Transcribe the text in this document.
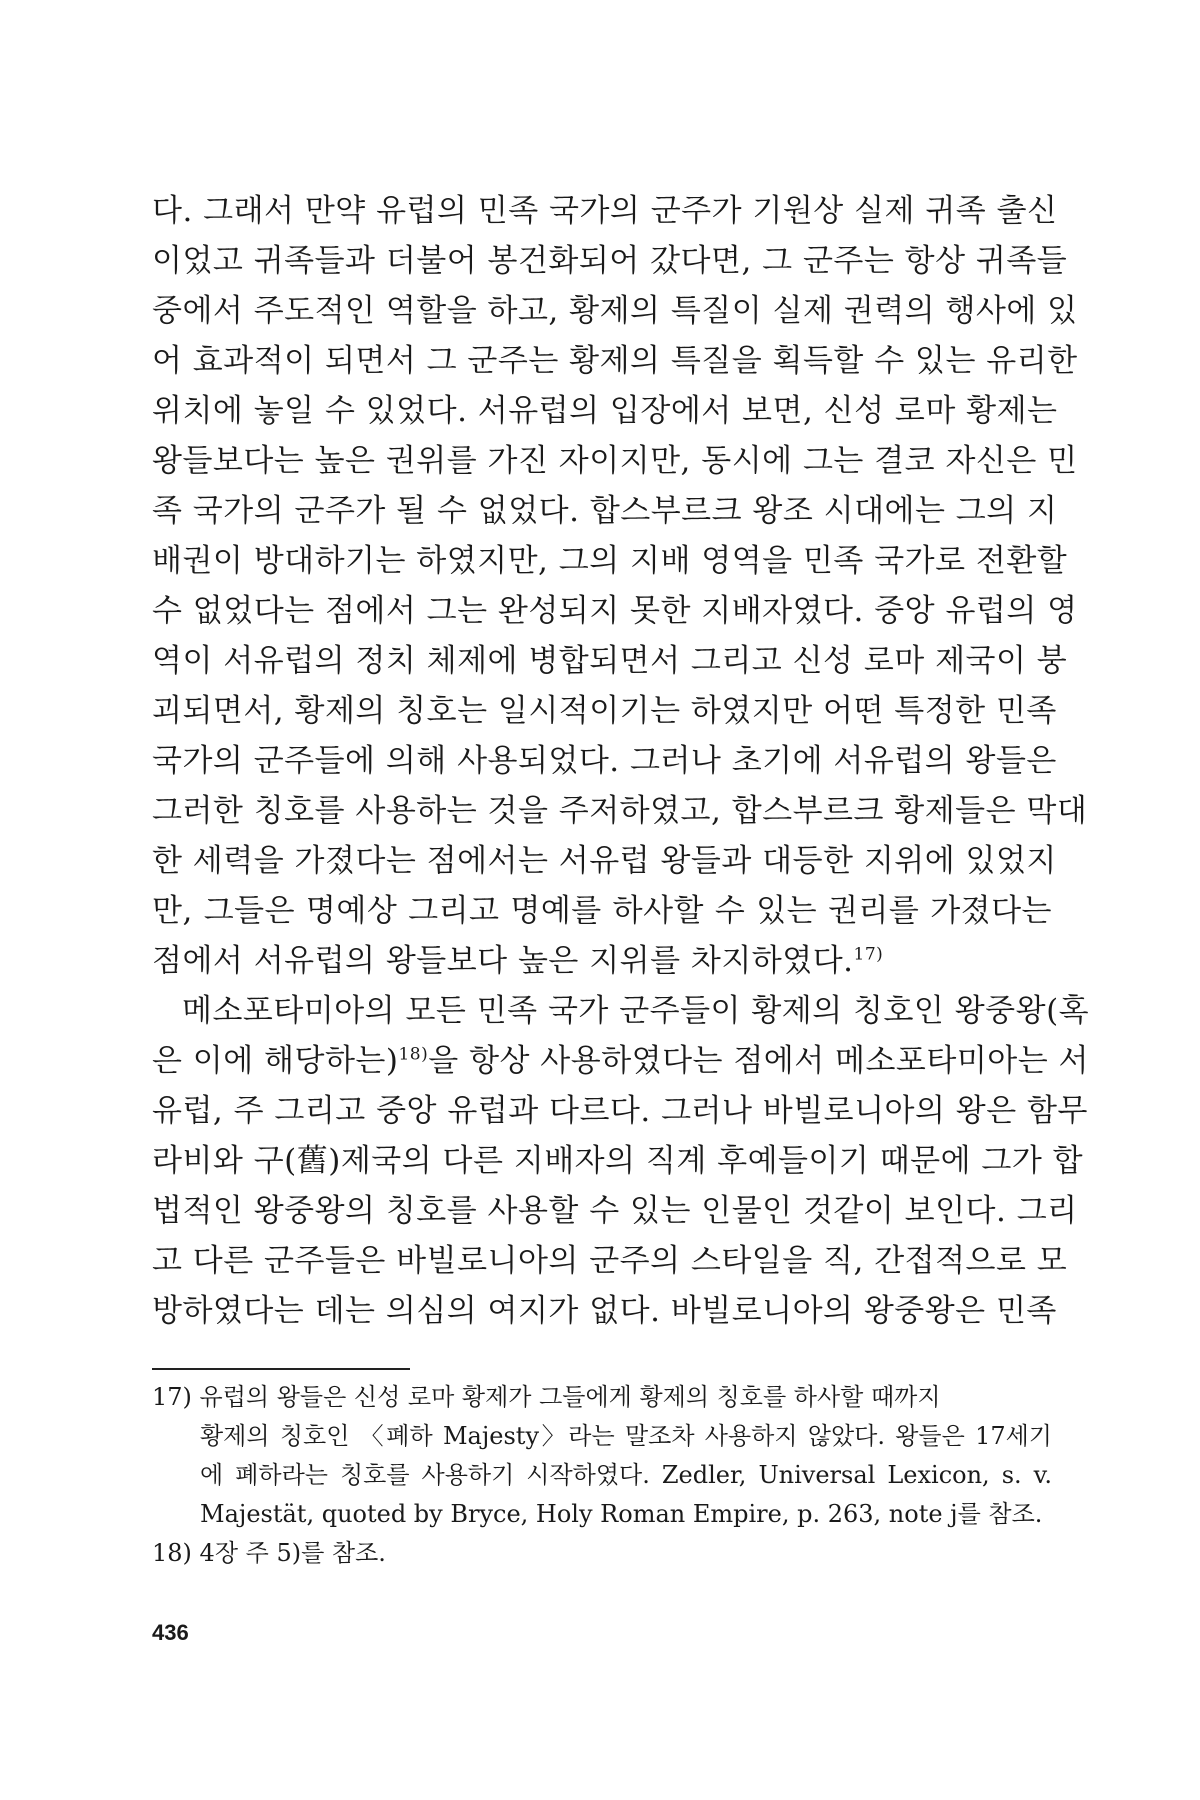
다. 그래서 만약 유럽의 민족 국가의 군주가 기원상 실제 귀족 출신
이었고 귀족들과 더불어 봉건화되어 갔다면, 그 군주는 항상 귀족들
중에서 주도적인 역할을 하고, 황제의 특질이 실제 권력의 행사에 있
어 효과적이 되면서 그 군주는 황제의 특질을 획득할 수 있는 유리한
위치에 놓일 수 있었다. 서유럽의 입장에서 보면, 신성 로마 황제는
왕들보다는 높은 권위를 가진 자이지만, 동시에 그는 결코 자신은 민
족 국가의 군주가 될 수 없었다. 합스부르크 왕조 시대에는 그의 지
배권이 방대하기는 하였지만, 그의 지배 영역을 민족 국가로 전환할
수 없었다는 점에서 그는 완성되지 못한 지배자였다. 중앙 유럽의 영
역이 서유럽의 정치 체제에 병합되면서 그리고 신성 로마 제국이 붕
괴되면서, 황제의 칭호는 일시적이기는 하였지만 어떤 특정한 민족
국가의 군주들에 의해 사용되었다. 그러나 초기에 서유럽의 왕들은
그러한 칭호를 사용하는 것을 주저하였고, 합스부르크 황제들은 막대
한 세력을 가졌다는 점에서는 서유럽 왕들과 대등한 지위에 있었지
만, 그들은 명예상 그리고 명예를 하사할 수 있는 권리를 가졌다는
점에서 서유럽의 왕들보다 높은 지위를 차지하였다.$^{17)}$
메소포타미아의 모든 민족 국가 군주들이 황제의 칭호인 왕중왕(혹
은 이에 해당하는)$^{18)}$을 항상 사용하였다는 점에서 메소포타미아는 서
유럽, 주 그리고 중앙 유럽과 다르다. 그러나 바빌로니아의 왕은 함무
라비와 구(舊)제국의 다른 지배자의 직계 후예들이기 때문에 그가 합
법적인 왕중왕의 칭호를 사용할 수 있는 인물인 것같이 보인다. 그리
고 다른 군주들은 바빌로니아의 군주의 스타일을 직, 간접적으로 모
방하였다는 데는 의심의 여지가 없다. 바빌로니아의 왕중왕은 민족
17) 유럽의 왕들은 신성 로마 황제가 그들에게 황제의 칭호를 하사할 때까지
황제의 칭호인 〈폐하 Majesty〉라는 말조차 사용하지 않았다. 왕들은 17세기
에 폐하라는 칭호를 사용하기 시작하였다. Zedler, Universal Lexicon, s. v.
Majestät, quoted by Bryce, Holy Roman Empire, p. 263, note j를 참조.
18) 4장 주 5)를 참조.
436
